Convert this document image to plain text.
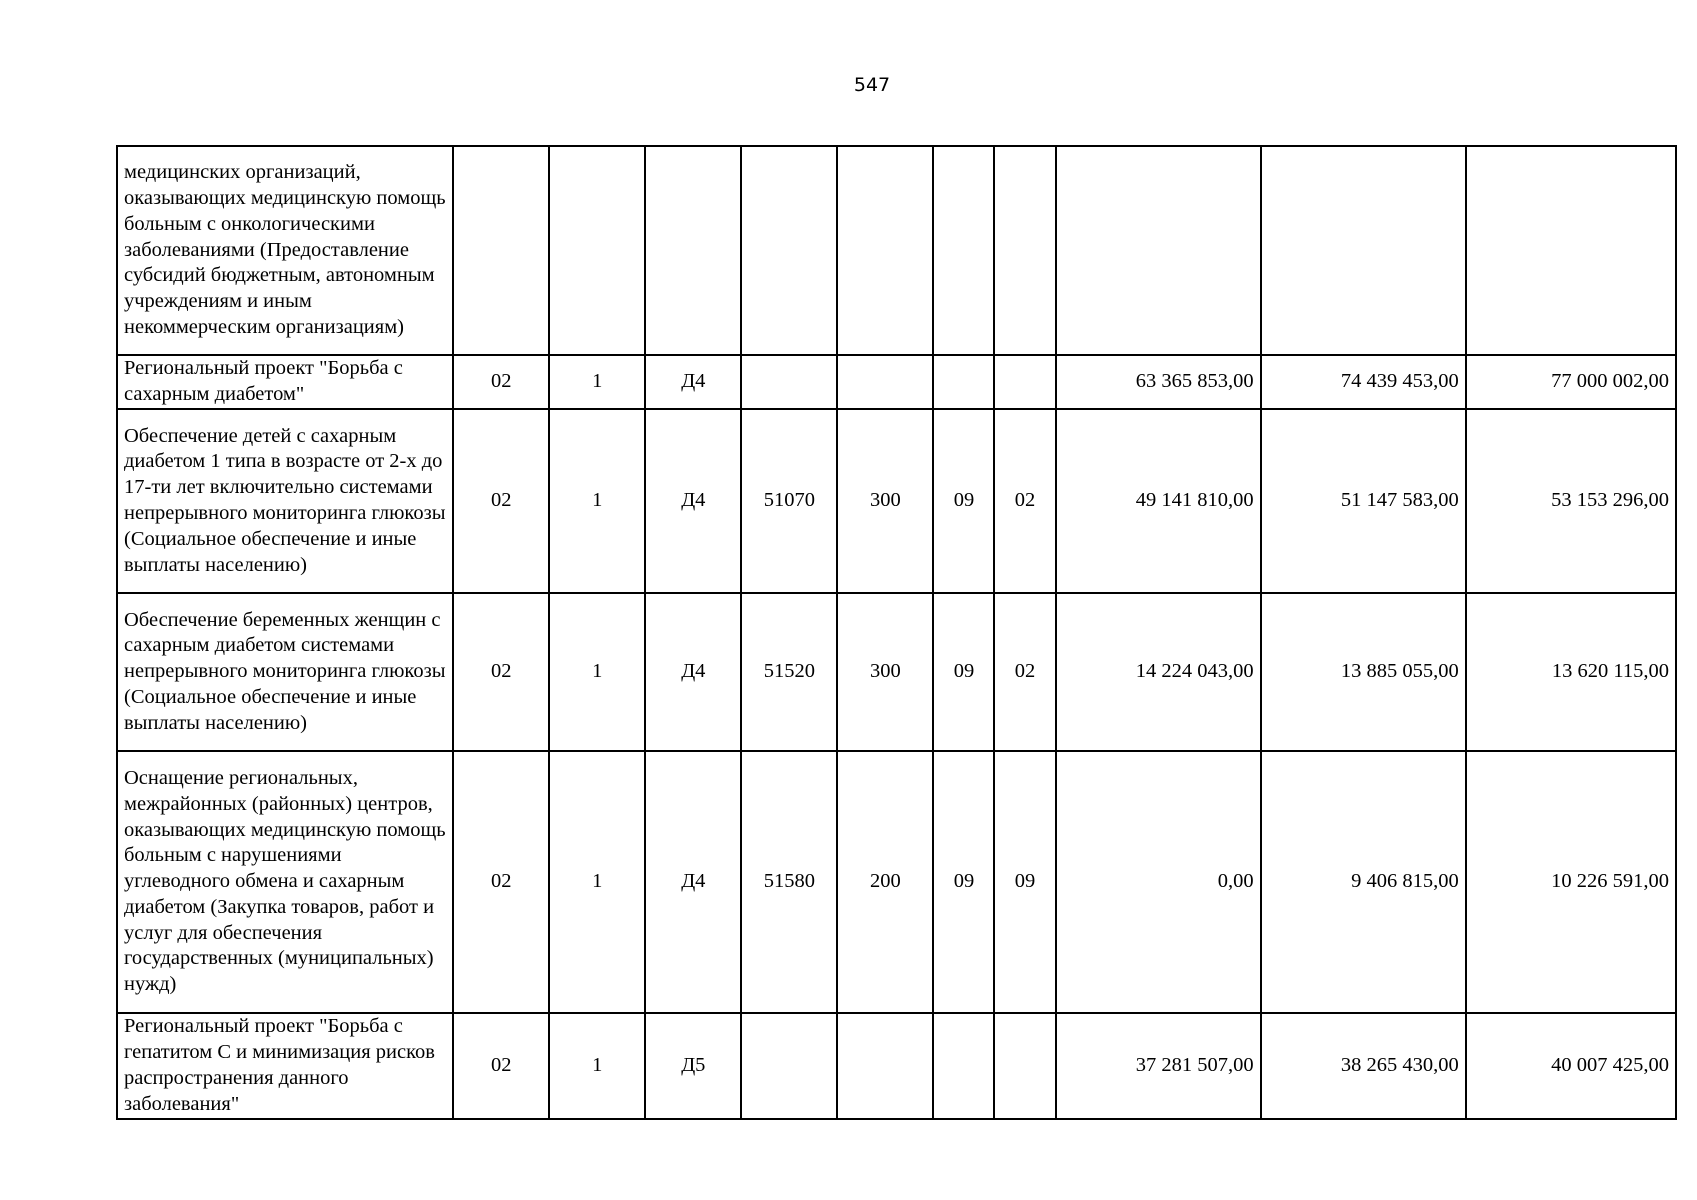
547
медицинских организаций, оказывающих медицинскую помощь больным с онкологическими заболеваниями (Предоставление субсидий бюджетным, автономным учреждениям и иным некоммерческим организациям)										
Региональный проект "Борьба с сахарным диабетом"	02	1	Д4					63 365 853,00	74 439 453,00	77 000 002,00
Обеспечение детей с сахарным диабетом 1 типа в возрасте от 2-х до 17-ти лет включительно системами непрерывного мониторинга глюкозы (Социальное обеспечение и иные выплаты населению)	02	1	Д4	51070	300	09	02	49 141 810,00	51 147 583,00	53 153 296,00
Обеспечение беременных женщин с сахарным диабетом системами непрерывного мониторинга глюкозы (Социальное обеспечение и иные выплаты населению)	02	1	Д4	51520	300	09	02	14 224 043,00	13 885 055,00	13 620 115,00
Оснащение региональных, межрайонных (районных) центров, оказывающих медицинскую помощь больным с нарушениями углеводного обмена и сахарным диабетом (Закупка товаров, работ и услуг для обеспечения государственных (муниципальных) нужд)	02	1	Д4	51580	200	09	09	0,00	9 406 815,00	10 226 591,00
Региональный проект "Борьба с гепатитом С и минимизация рисков распространения данного заболевания"	02	1	Д5					37 281 507,00	38 265 430,00	40 007 425,00
